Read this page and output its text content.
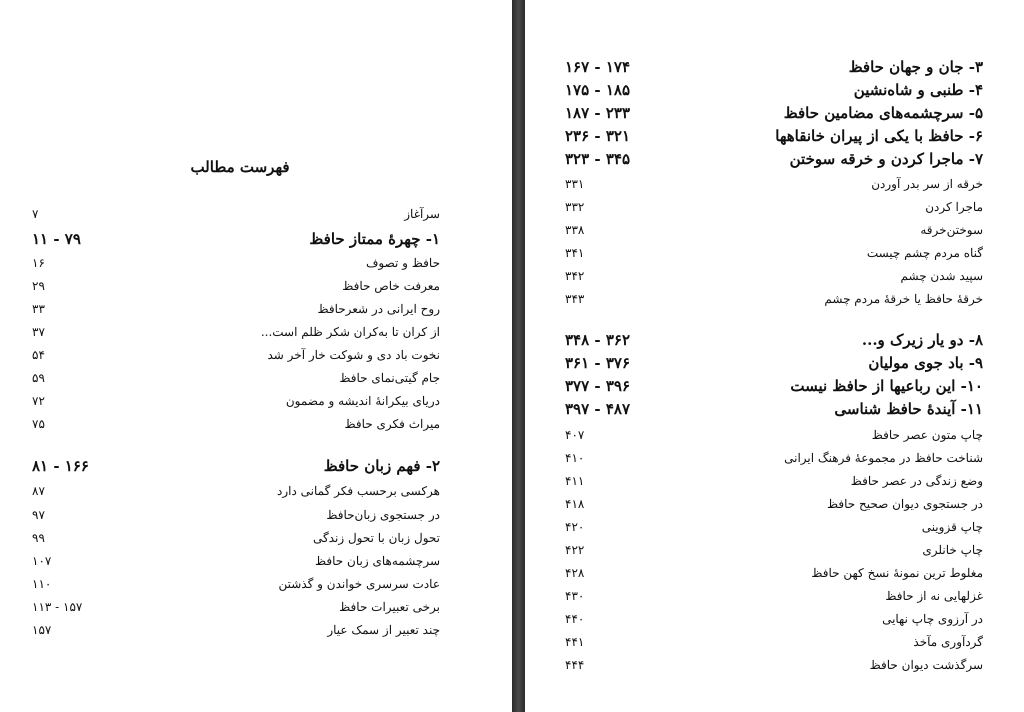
فهرست مطالب
سرآغاز
۷
۱- چهرۀ ممتاز حافظ
۱۱ - ۷۹
حافظ و تصوف
۱۶
معرفت خاص حافظ
۲۹
روح ایرانی در شعرحافظ
۳۳
از کران تا به‌کران شکر ظلم است...
۳۷
نخوت باد دی و شوکت خار آخر شد
۵۴
جام گیتی‌نمای حافظ
۵۹
دریای بیکرانهٔ اندیشه و مضمون
۷۲
میراث فکری حافظ
۷۵
۲- فهم زبان حافظ
۸۱ - ۱۶۶
هرکسی برحسب فکر گمانی دارد
۸۷
در جستجوی زبان‌حافظ
۹۷
تحول زبان با تحول زندگی
۹۹
سرچشمه‌های زبان حافظ
۱۰۷
عادت سرسری خواندن و گذشتن
۱۱۰
برخی تعبیرات حافظ
۱۱۳ - ۱۵۷
چند تعبیر از سمک عیار
۱۵۷
۳- جان و جهان حافظ
۱۶۷ - ۱۷۴
۴- طنبی و شاه‌نشین
۱۷۵ - ۱۸۵
۵- سرچشمه‌های مضامین حافظ
۱۸۷ - ۲۳۳
۶- حافظ با یکی از پیران خانقاهها
۲۳۶ - ۳۲۱
۷- ماجرا کردن و خرقه سوختن
۳۲۳ - ۳۴۵
خرقه از سر بدر آوردن
۳۳۱
ماجرا کردن
۳۳۲
سوختن‌خرقه
۳۳۸
گناه مردم چشم چیست
۳۴۱
سپید شدن چشم
۳۴۲
خرقهٔ حافظ یا خرقهٔ مردم چشم
۳۴۳
۸- دو یار زیرک و...
۳۴۸ - ۳۶۲
۹- باد جوی مولیان
۳۶۱ - ۳۷۶
۱۰- این رباعیها از حافظ نیست
۳۷۷ - ۳۹۶
۱۱- آیندۀ حافظ شناسی
۳۹۷ - ۴۸۷
چاپ متون عصر حافظ
۴۰۷
شناخت حافظ در مجموعهٔ فرهنگ ایرانی
۴۱۰
وضع زندگی در عصر حافظ
۴۱۱
در جستجوی دیوان صحیح حافظ
۴۱۸
چاپ قزوینی
۴۲۰
چاپ خانلری
۴۲۲
مغلوط ترین نمونهٔ نسخ کهن حافظ
۴۲۸
غزلهایی نه از حافظ
۴۳۰
در آرزوی چاپ نهایی
۴۴۰
گردآوری مآخذ
۴۴۱
سرگذشت دیوان حافظ
۴۴۴
